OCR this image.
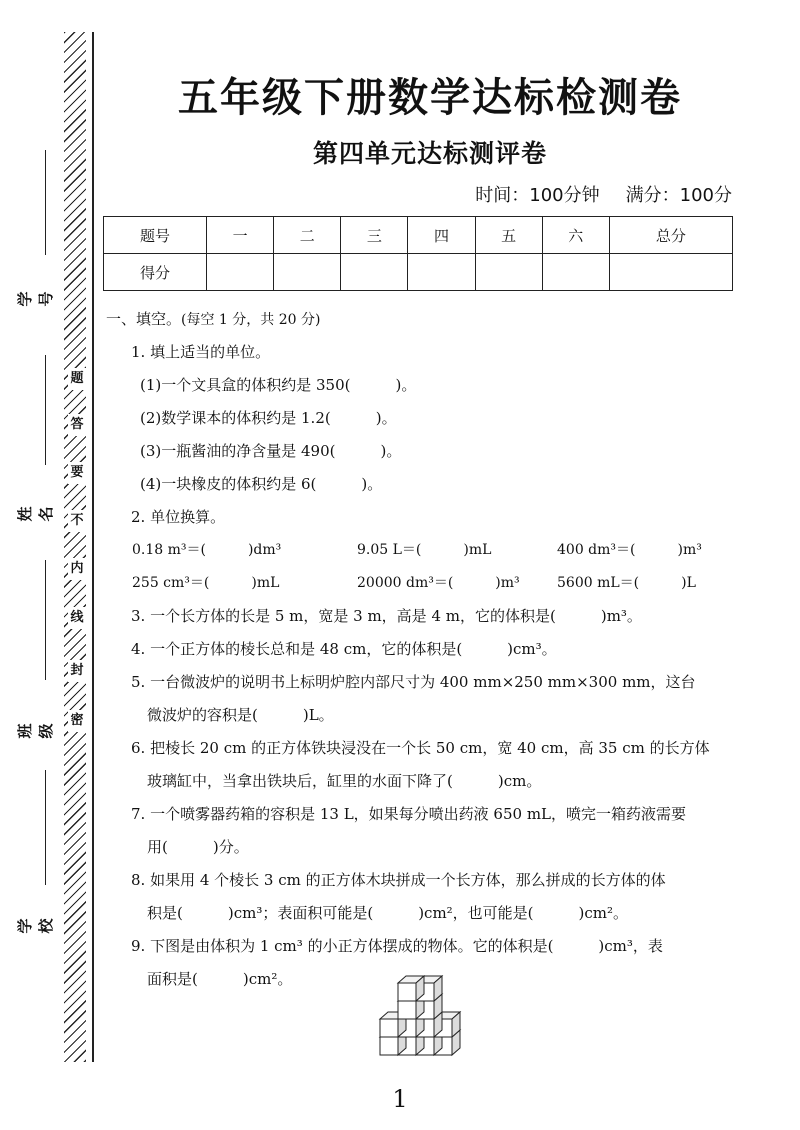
题
答
要
不
内
线
封
密
学号
姓名
班级
学校
五年级下册数学达标检测卷
第四单元达标测评卷
时间：100分钟 满分：100分
题号	一	二	三	四	五	六	总分
得分							
一、填空。(每空 1 分，共 20 分)
1. 填上适当的单位。
(1)一个文具盒的体积约是 350(　　　)。
(2)数学课本的体积约是 1.2(　　　)。
(3)一瓶酱油的净含量是 490(　　　)。
(4)一块橡皮的体积约是 6(　　　)。
2. 单位换算。
0.18 m³＝(　　　)dm³	9.05 L＝(　　　)mL	400 dm³＝(　　　)m³
255 cm³＝(　　　)mL	20000 dm³＝(　　　)m³	5600 mL＝(　　　)L
3. 一个长方体的长是 5 m，宽是 3 m，高是 4 m，它的体积是(　　　)m³。
4. 一个正方体的棱长总和是 48 cm，它的体积是(　　　)cm³。
5. 一台微波炉的说明书上标明炉腔内部尺寸为 400 mm×250 mm×300 mm，这台
微波炉的容积是(　　　)L。
6. 把棱长 20 cm 的正方体铁块浸没在一个长 50 cm，宽 40 cm，高 35 cm 的长方体
玻璃缸中，当拿出铁块后，缸里的水面下降了(　　　)cm。
7. 一个喷雾器药箱的容积是 13 L，如果每分喷出药液 650 mL，喷完一箱药液需要
用(　　　)分。
8. 如果用 4 个棱长 3 cm 的正方体木块拼成一个长方体，那么拼成的长方体的体
积是(　　　)cm³；表面积可能是(　　　)cm²，也可能是(　　　)cm²。
9. 下图是由体积为 1 cm³ 的小正方体摆成的物体。它的体积是(　　　)cm³，表
面积是(　　　)cm²。
1
